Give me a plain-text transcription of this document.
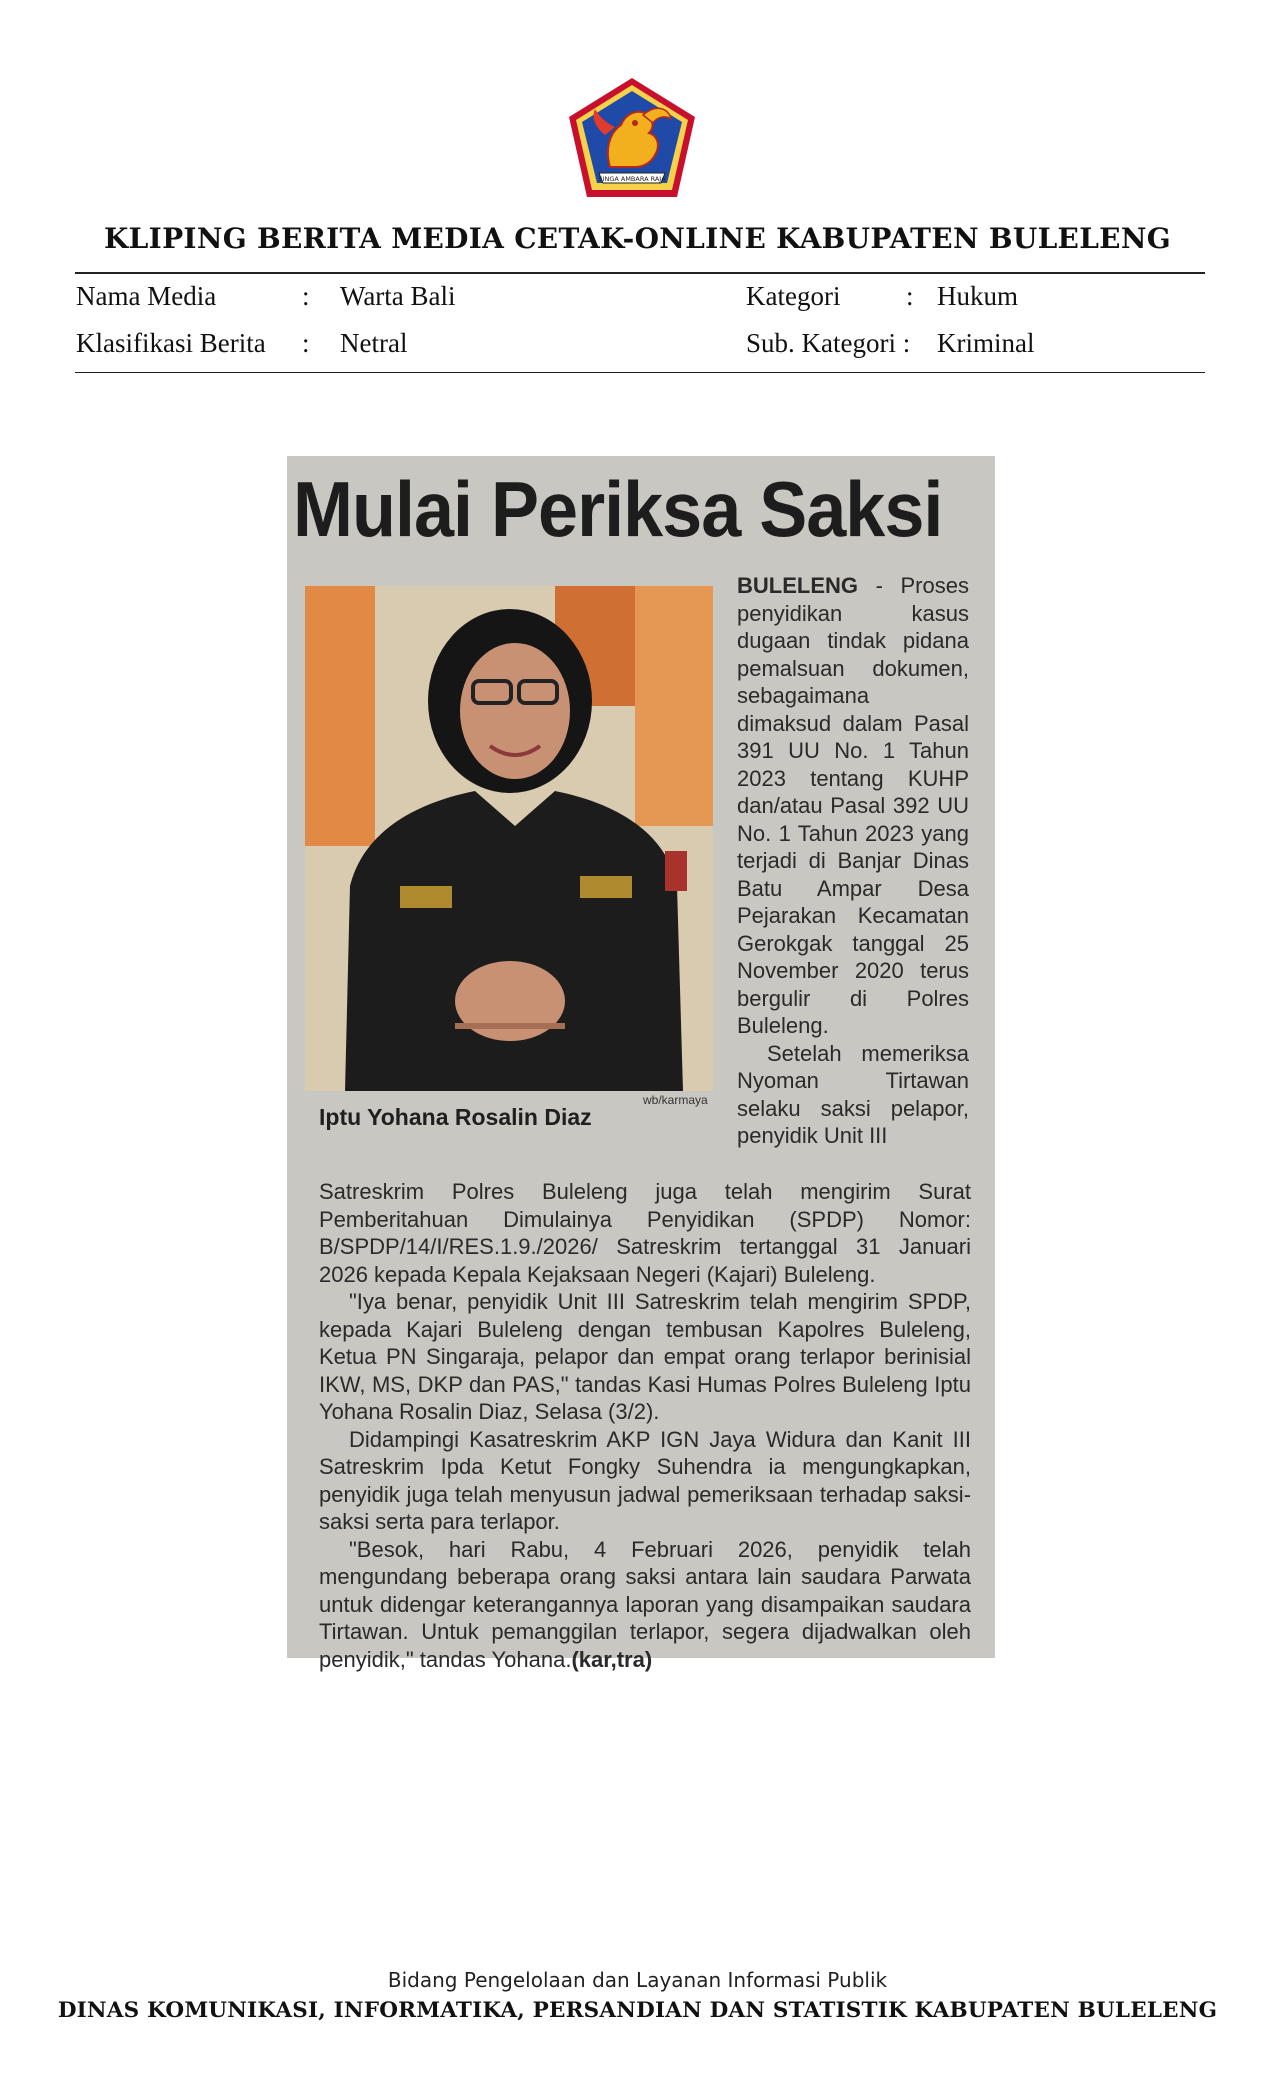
SINGA AMBARA RAJA
KLIPING BERITA MEDIA CETAK-ONLINE KABUPATEN BULELENG
Nama Media	: Warta Bali	Kategori : Hukum
Klasifikasi Berita : Netral	Sub. Kategori : Kriminal
Mulai Periksa Saksi
wb/karmaya
Iptu Yohana Rosalin Diaz
BULELENG - Proses penyidikan kasus dugaan tindak pidana pemalsuan dokumen, sebagaimana dimaksud dalam Pasal 391 UU No. 1 Tahun 2023 tentang KUHP dan/atau Pasal 392 UU No. 1 Tahun 2023 yang terjadi di Banjar Dinas Batu Ampar Desa Pejarakan Kecamatan Gerokgak tanggal 25 November 2020 terus bergulir di Polres Buleleng.
Setelah memeriksa Nyoman Tirtawan selaku saksi pelapor, penyidik Unit III

Satreskrim Polres Buleleng juga telah mengirim Surat Pemberitahuan Dimulainya Penyidikan (SPDP) Nomor: B/SPDP/14/I/RES.1.9./2026/ Satreskrim tertanggal 31 Januari 2026 kepada Kepala Kejaksaan Negeri (Kajari) Buleleng.

"Iya benar, penyidik Unit III Satreskrim telah mengirim SPDP, kepada Kajari Buleleng dengan tembusan Kapolres Buleleng, Ketua PN Singaraja, pelapor dan empat orang terlapor berinisial IKW, MS, DKP dan PAS," tandas Kasi Humas Polres Buleleng Iptu Yohana Rosalin Diaz, Selasa (3/2).

Didampingi Kasatreskrim AKP IGN Jaya Widura dan Kanit III Satreskrim Ipda Ketut Fongky Suhendra ia mengungkapkan, penyidik juga telah menyusun jadwal pemeriksaan terhadap saksi-saksi serta para terlapor.

"Besok, hari Rabu, 4 Februari 2026, penyidik telah mengundang beberapa orang saksi antara lain saudara Parwata untuk didengar keterangannya laporan yang disampaikan saudara Tirtawan. Untuk pemanggilan terlapor, segera dijadwalkan oleh penyidik," tandas Yohana.(kar,tra)

Bidang Pengelolaan dan Layanan Informasi Publik
DINAS KOMUNIKASI, INFORMATIKA, PERSANDIAN DAN STATISTIK KABUPATEN BULELENG
